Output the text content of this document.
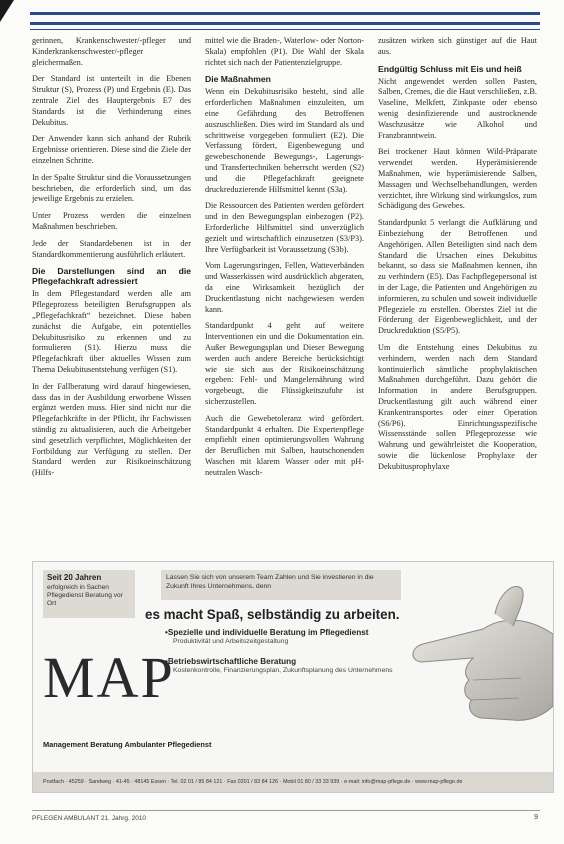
gerinnen, Krankenschwester/-pfleger und Kinderkrankenschwester/-pfleger gleichermaßen.

Der Standard ist unterteilt in die Ebenen Struktur (S), Prozess (P) und Ergebnis (E). Das zentrale Ziel des Hauptergebnis E7 des Standards ist die Verhinderung eines Dekubitus.

Der Anwender kann sich anhand der Rubrik Ergebnisse orientieren. Diese sind die Ziele der einzelnen Schritte.

In der Spalte Struktur sind die Voraussetzungen beschrieben, die erforderlich sind, um das jeweilige Ergebnis zu erzielen.

Unter Prozess werden die einzelnen Maßnahmen beschrieben.

Jede der Standardebenen ist in der Standardkommentierung ausführlich erläutert.

Die Darstellungen sind an die Pflegefachkraft adressiert

In dem Pflegestandard werden alle am Pflegeprozess beteiligten Berufsgruppen als „Pflegefachkraft“ bezeichnet. Diese haben zunächst die Aufgabe, ein potentielles Dekubitusrisiko zu erkennen und zu formulieren (S1). Hierzu muss die Pflegefachkraft über aktuelles Wissen zum Thema Dekubitusentstehung verfügen (S1).

In der Fallberatung wird darauf hingewiesen, dass das in der Ausbildung erworbene Wissen ergänzt werden muss. Hier sind nicht nur die Pflegefachkräfte in der Pflicht, ihr Fachwissen ständig zu aktualisieren, auch die Arbeitgeber sind gesetzlich verpflichtet, Möglichkeiten der Fortbildung zur Verfügung zu stellen. Der Standard werden zur Risikoeinschätzung (Hilfs-

mittel wie die Braden-, Waterlow- oder Norton-Skala) empfohlen (P1). Die Wahl der Skala richtet sich nach der Patientenzielgruppe.

Die Maßnahmen

Wenn ein Dekubitusrisiko besteht, sind alle erforderlichen Maßnahmen einzuleiten, um eine Gefährdung des Betroffenen auszuschließen. Dies wird im Standard als und schrittweise vorgegeben formuliert (E2). Die Verfassung fördert, Eigenbewegung und gewebeschonende Bewegungs-, Lagerungs- und Transfertechniken beherrscht werden (S2) und die Pflegefachkraft geeignete druckreduzierende Hilfsmittel kennt (S3a).

Die Ressourcen des Patienten werden gefördert und in den Bewegungsplan einbezogen (P2). Erforderliche Hilfsmittel sind unverzüglich gezielt und wirtschaftlich einzusetzen (S3/P3). Ihre Verfügbarkeit ist Voraussetzung (S3b).

Vom Lagerungsringen, Fellen, Watteverbänden und Wasserkissen wird ausdrücklich abgeraten, da eine Wirksamkeit bezüglich der Druckentlastung nicht nachgewiesen werden kann.

Standardpunkt 4 geht auf weitere Interventionen ein und die Dokumentation ein. Außer Bewegungsplan und Dieser Bewegung werden auch andere Bereiche berücksichtigt wie sie sich aus der Risikoeinschätzung ergeben: Fehl- und Mangelernährung wird vorgebeugt, die Flüssigkeitszufuhr ist sicherzustellen.

Auch die Gewebetoleranz wird gefördert. Standardpunkt 4 erhalten. Die Expertenpflege empfiehlt einen optimierungsvollen Wahrung der Beruflichen mit Salben, hautschonenden Waschen mit klarem Wasser oder mit pH-neutralen Wasch-

zusätzen wirken sich günstiger auf die Haut aus.

Endgültig Schluss mit Eis und heiß

Nicht angewendet werden sollen Pasten, Salben, Cremes, die die Haut verschließen, z.B. Vaseline, Melkfett, Zinkpaste oder ebenso wenig desinfizierende und austrocknende Waschzusätze wie Alkohol und Franzbranntwein.

Bei trockener Haut können Wild-Präparate verwendet werden. Hyperämisierende Maßnahmen, wie hyperämisierende Salben, Massagen und Wechselbehandlungen, werden verzichtet, ihre Wirkung sind wirkungslos, zum Schädigung des Gewebes.

Standardpunkt 5 verlangt die Aufklärung und Einbeziehung der Betroffenen und Angehörigen. Allen Beteiligten sind nach dem Standard die Ursachen eines Dekubitus bekannt, so dass sie Maßnahmen kennen, ihn zu verhindern (E5). Das Fachpflegepersonal ist in der Lage, die Patienten und Angehörigen zu informieren, zu schulen und soweit individuelle Pflegeziele zu erstellen. Oberstes Ziel ist die Förderung der Eigenbeweglichkeit, und der Druckreduktion (S5/P5).

Um die Entstehung eines Dekubitus zu verhindern, werden nach dem Standard kontinuierlich sämtliche prophylaktischen Maßnahmen durchgeführt. Dazu gehört die Information in andere Berufsgruppen. Druckentlastung gilt auch während einer Krankentransportes oder einer Operation (S6/P6). Einrichtungsspezifische Wissensstände sollen Pflegeprozesse wie Wahrung und gewährleistet die Kooperation, sowie die lückenlose Prophylaxe der Dekubitusprophylaxe

Seit 20 Jahren
erfolgreich in Sachen Pflegedienst Beratung vor Ort
Lassen Sie sich von unserem Team Zahlen und Sie investieren in die Zukunft Ihres Unternehmens, denn
es macht Spaß, selbständig zu arbeiten.
MAP
• Spezielle und individuelle Beratung im Pflegedienst
Produktivität und Arbeitszeitgestaltung
• Betriebswirtschaftliche Beratung
Kostenkontrolle, Finanzierungsplan, Zukunftsplanung des Unternehmens
Management Beratung Ambulanter Pflegedienst
Postfach · 45259 · Sandweg · 41-45 · 48145 Essen · Tel. 02 01 / 85 84 121 · Fax 0201 / 83 84 126 · Mobil 01 80 / 33 33 939 · e-mail: info@map-pflege.de · www.map-pflege.de
PFLEGEN AMBULANT 21. Jahrg. 2010	9
